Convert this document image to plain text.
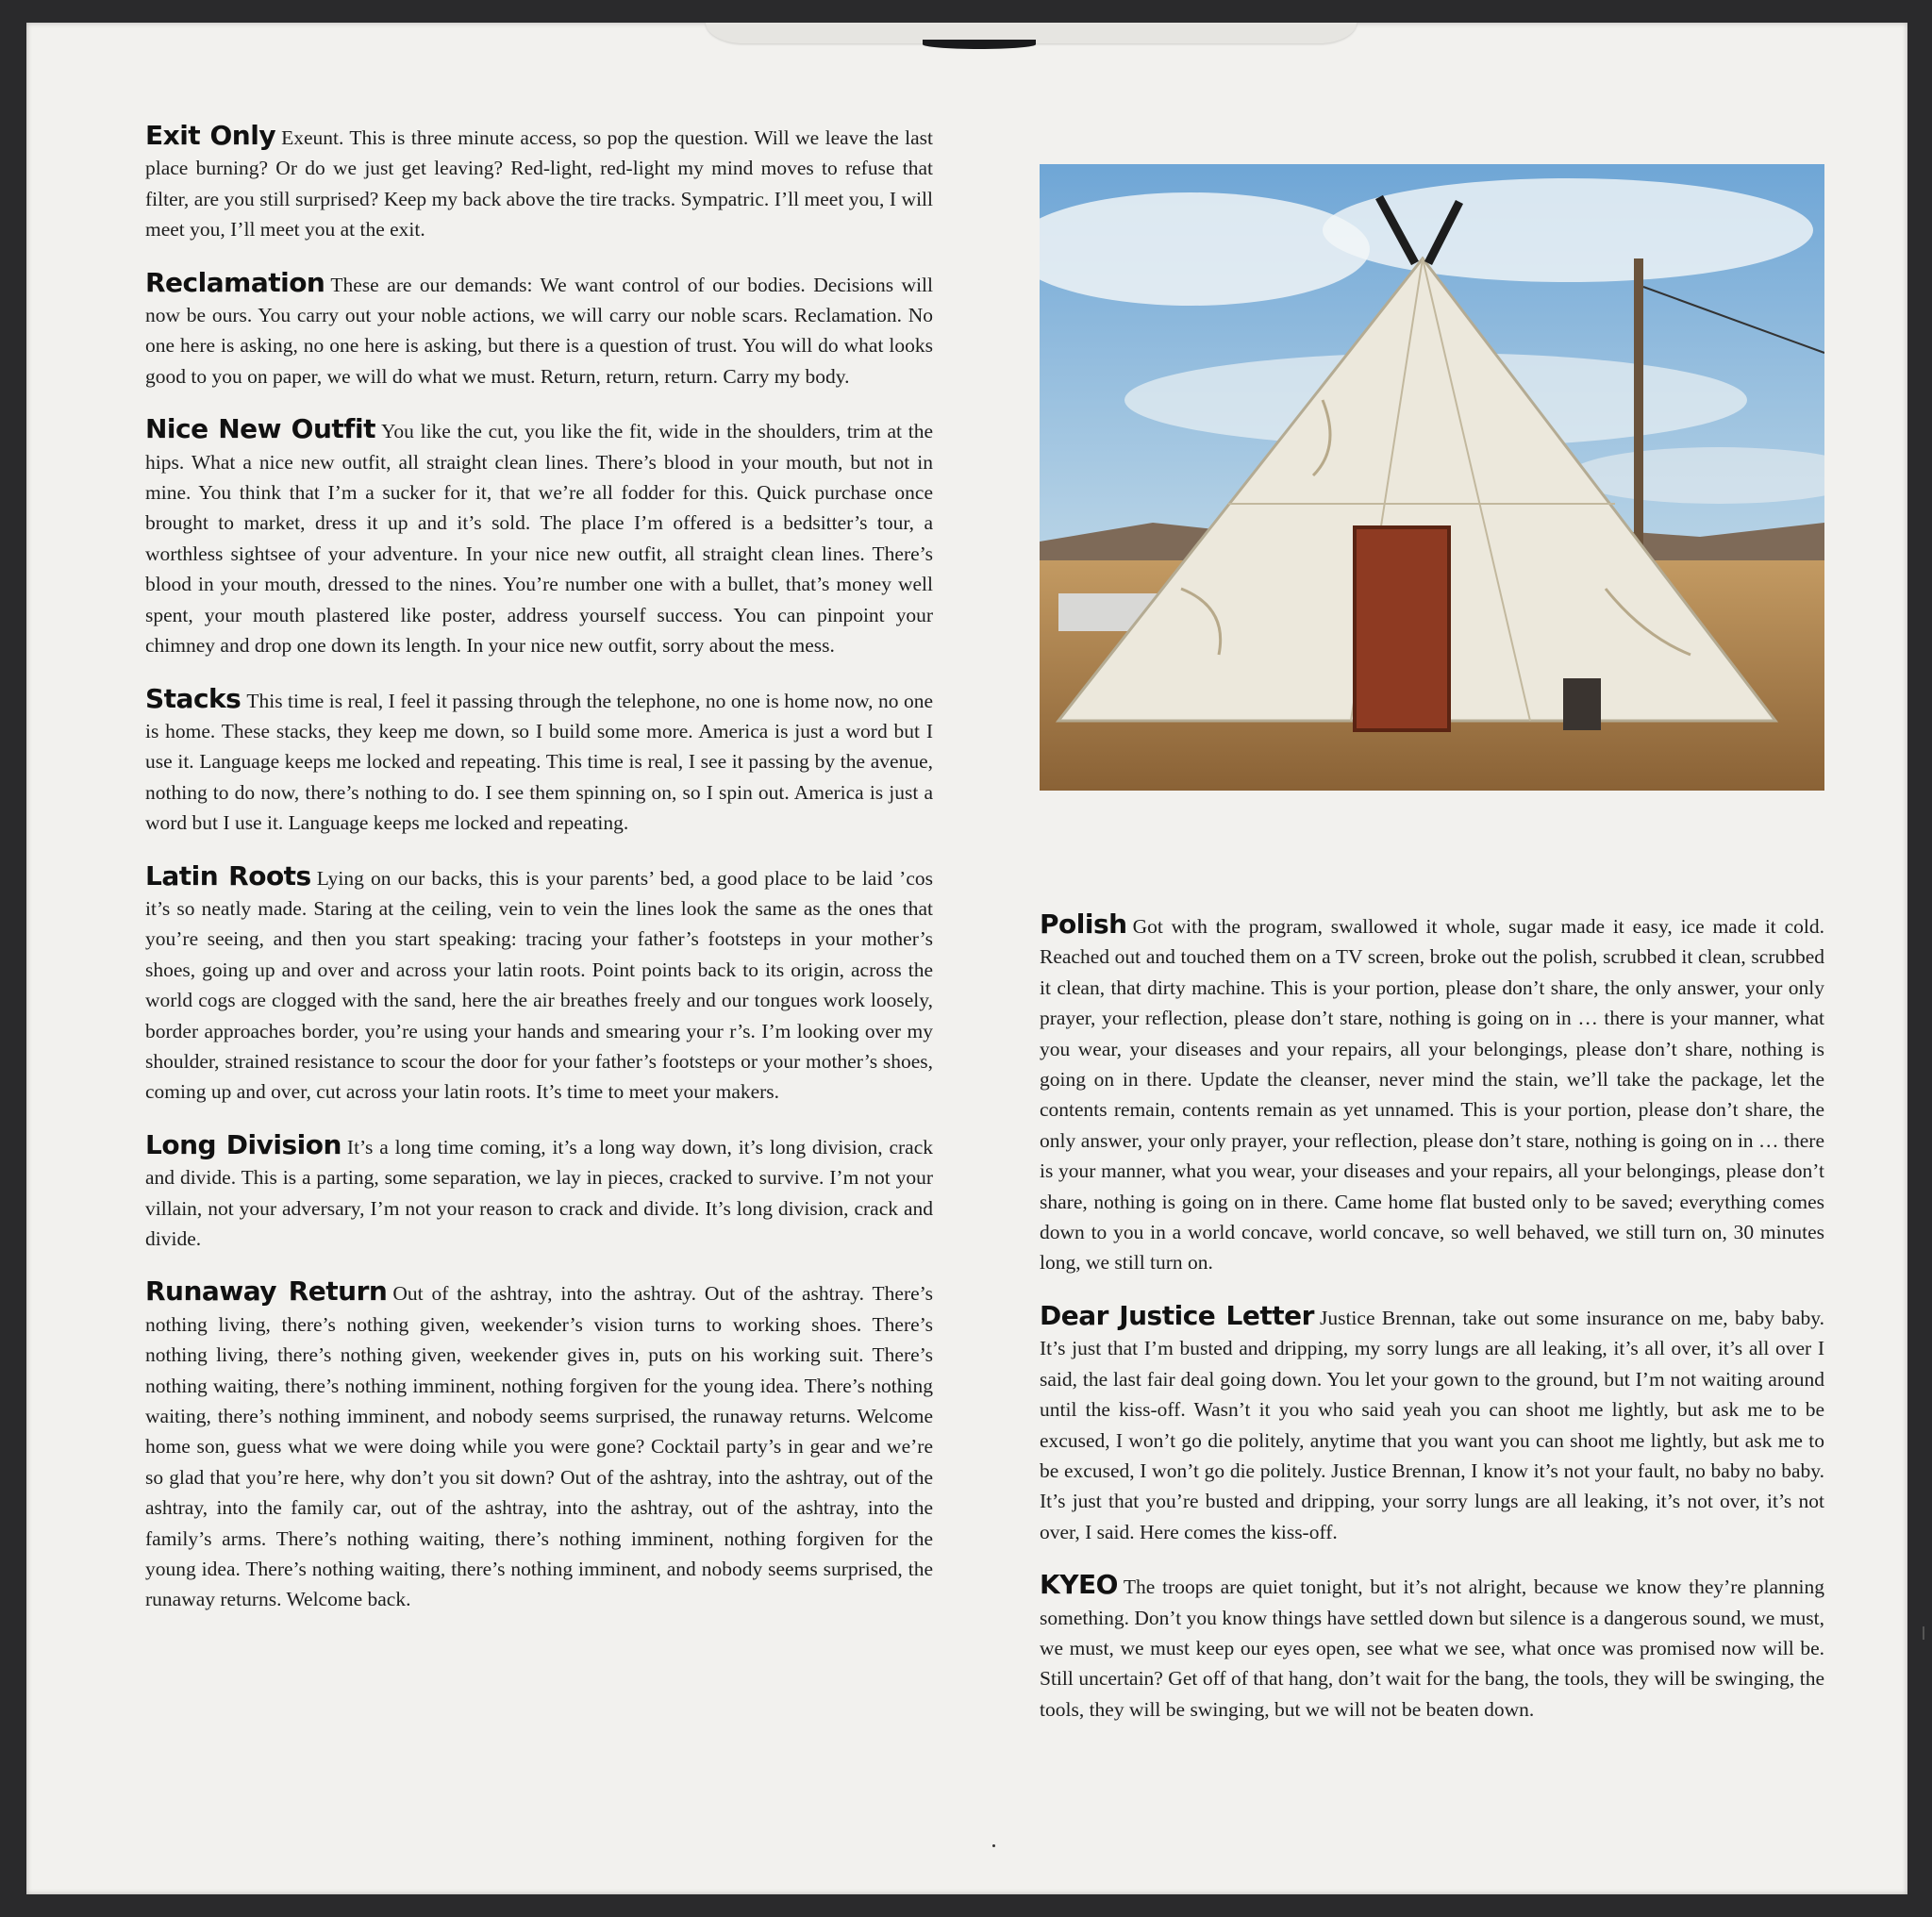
Exit Only Exeunt. This is three minute access, so pop the question. Will we leave the last place burning? Or do we just get leaving? Red-light, red-light my mind moves to refuse that filter, are you still surprised? Keep my back above the tire tracks. Sympatric. I’ll meet you, I will meet you, I’ll meet you at the exit.

Reclamation These are our demands: We want control of our bodies. Decisions will now be ours. You carry out your noble actions, we will carry our noble scars. Reclamation. No one here is asking, no one here is asking, but there is a question of trust. You will do what looks good to you on paper, we will do what we must. Return, return, return. Carry my body.

Nice New Outfit You like the cut, you like the fit, wide in the shoulders, trim at the hips. What a nice new outfit, all straight clean lines. There’s blood in your mouth, but not in mine. You think that I’m a sucker for it, that we’re all fodder for this. Quick purchase once brought to market, dress it up and it’s sold. The place I’m offered is a bedsitter’s tour, a worthless sightsee of your adventure. In your nice new outfit, all straight clean lines. There’s blood in your mouth, dressed to the nines. You’re number one with a bullet, that’s money well spent, your mouth plastered like poster, address yourself success. You can pinpoint your chimney and drop one down its length. In your nice new outfit, sorry about the mess.

Stacks This time is real, I feel it passing through the telephone, no one is home now, no one is home. These stacks, they keep me down, so I build some more. America is just a word but I use it. Language keeps me locked and repeating. This time is real, I see it passing by the avenue, nothing to do now, there’s nothing to do. I see them spinning on, so I spin out. America is just a word but I use it. Language keeps me locked and repeating.

Latin Roots Lying on our backs, this is your parents’ bed, a good place to be laid ’cos it’s so neatly made. Staring at the ceiling, vein to vein the lines look the same as the ones that you’re seeing, and then you start speaking: tracing your father’s footsteps in your mother’s shoes, going up and over and across your latin roots. Point points back to its origin, across the world cogs are clogged with the sand, here the air breathes freely and our tongues work loosely, border approaches border, you’re using your hands and smearing your r’s. I’m looking over my shoulder, strained resistance to scour the door for your father’s footsteps or your mother’s shoes, coming up and over, cut across your latin roots. It’s time to meet your makers.

Long Division It’s a long time coming, it’s a long way down, it’s long division, crack and divide. This is a parting, some separation, we lay in pieces, cracked to survive. I’m not your villain, not your adversary, I’m not your reason to crack and divide. It’s long division, crack and divide.

Runaway Return Out of the ashtray, into the ashtray. Out of the ashtray. There’s nothing living, there’s nothing given, weekender’s vision turns to working shoes. There’s nothing living, there’s nothing given, weekender gives in, puts on his working suit. There’s nothing waiting, there’s nothing imminent, nothing forgiven for the young idea. There’s nothing waiting, there’s nothing imminent, and nobody seems surprised, the runaway returns. Welcome home son, guess what we were doing while you were gone? Cocktail party’s in gear and we’re so glad that you’re here, why don’t you sit down? Out of the ashtray, into the ashtray, out of the ashtray, into the family car, out of the ashtray, into the ashtray, out of the ashtray, into the family’s arms. There’s nothing waiting, there’s nothing imminent, nothing forgiven for the young idea. There’s nothing waiting, there’s nothing imminent, and nobody seems surprised, the runaway returns. Welcome back.

Polish Got with the program, swallowed it whole, sugar made it easy, ice made it cold. Reached out and touched them on a TV screen, broke out the polish, scrubbed it clean, scrubbed it clean, that dirty machine. This is your portion, please don’t share, the only answer, your only prayer, your reflection, please don’t stare, nothing is going on in … there is your manner, what you wear, your diseases and your repairs, all your belongings, please don’t share, nothing is going on in there. Update the cleanser, never mind the stain, we’ll take the package, let the contents remain, contents remain as yet unnamed. This is your portion, please don’t share, the only answer, your only prayer, your reflection, please don’t stare, nothing is going on in … there is your manner, what you wear, your diseases and your repairs, all your belongings, please don’t share, nothing is going on in there. Came home flat busted only to be saved; everything comes down to you in a world concave, world concave, so well behaved, we still turn on, 30 minutes long, we still turn on.

Dear Justice Letter Justice Brennan, take out some insurance on me, baby baby. It’s just that I’m busted and dripping, my sorry lungs are all leaking, it’s all over, it’s all over I said, the last fair deal going down. You let your gown to the ground, but I’m not waiting around until the kiss-off. Wasn’t it you who said yeah you can shoot me lightly, but ask me to be excused, I won’t go die politely, anytime that you want you can shoot me lightly, but ask me to be excused, I won’t go die politely. Justice Brennan, I know it’s not your fault, no baby no baby. It’s just that you’re busted and dripping, your sorry lungs are all leaking, it’s not over, it’s not over, I said. Here comes the kiss-off.

KYEO The troops are quiet tonight, but it’s not alright, because we know they’re planning something. Don’t you know things have settled down but silence is a dangerous sound, we must, we must, we must keep our eyes open, see what we see, what once was promised now will be. Still uncertain? Get off of that hang, don’t wait for the bang, the tools, they will be swinging, the tools, they will be swinging, but we will not be beaten down.
